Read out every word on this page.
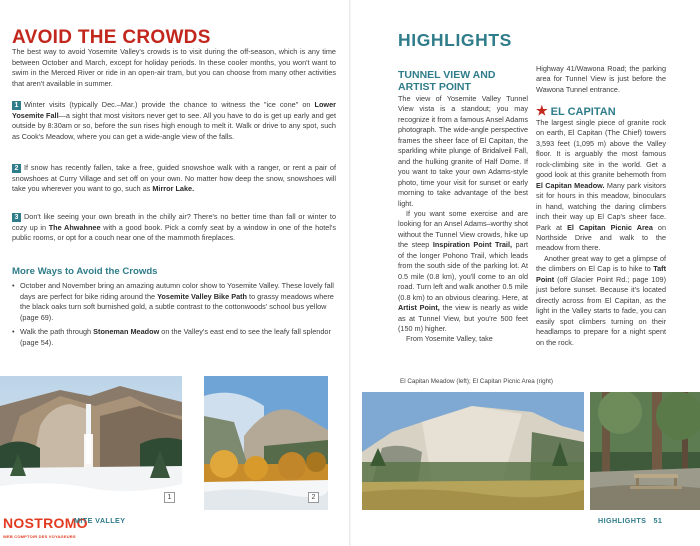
AVOID THE CROWDS

The best way to avoid Yosemite Valley's crowds is to visit during the off-season, which is any time between October and March, except for holiday periods. In these cooler months, you won't want to swim in the Merced River or ride in an open-air tram, but you can choose from many other activities that aren't available in summer.

1 Winter visits (typically Dec.–Mar.) provide the chance to witness the "ice cone" on Lower Yosemite Fall—a sight that most visitors never get to see. All you have to do is get up early and get outside by 8:30am or so, before the sun rises high enough to melt it. Walk or drive to any spot, such as Cook's Meadow, where you can get a wide-angle view of the falls.

2 If snow has recently fallen, take a free, guided snowshoe walk with a ranger, or rent a pair of snowshoes at Curry Village and set off on your own. No matter how deep the snow, snowshoes will take you wherever you want to go, such as Mirror Lake.

3 Don't like seeing your own breath in the chilly air? There's no better time than fall or winter to cozy up in The Ahwahnee with a good book. Pick a comfy seat by a window in one of the hotel's public rooms, or opt for a couch near one of the mammoth fireplaces.

More Ways to Avoid the Crowds
• October and November bring an amazing autumn color show to Yosemite Valley. These lovely fall days are perfect for bike riding around the Yosemite Valley Bike Path to grassy meadows where the black oaks turn soft burnished gold, a subtle contrast to the cottonwoods' school bus yellow (page 69).
• Walk the path through Stoneman Meadow on the Valley's east end to see the leafy fall splendor (page 54).
HIGHLIGHTS
TUNNEL VIEW AND ARTIST POINT

The view of Yosemite Valley Tunnel View vista is a standout; you may recognize it from a famous Ansel Adams photograph. The wide-angle perspective frames the sheer face of El Capitan, the sparkling white plunge of Bridalveil Fall, and the hulking granite of Half Dome. If you want to take your own Adams-style photo, time your visit for sunset or early morning to take advantage of the best light.

If you want some exercise and are looking for an Ansel Adams–worthy shot without the Tunnel View crowds, hike up the steep Inspiration Point Trail, part of the longer Pohono Trail, which leads from the south side of the parking lot. At 0.5 mile (0.8 km), you'll come to an old road. Turn left and walk another 0.5 mile (0.8 km) to an obvious clearing. Here, at Artist Point, the view is nearly as wide as at Tunnel View, but you're 500 feet (150 m) higher.

From Yosemite Valley, take

Highway 41/Wawona Road; the parking area for Tunnel View is just before the Wawona Tunnel entrance.
★ EL CAPITAN

The largest single piece of granite rock on earth, El Capitan (The Chief) towers 3,593 feet (1,095 m) above the Valley floor. It is arguably the most famous rock-climbing site in the world. Get a good look at this granite behemoth from El Capitan Meadow. Many park visitors sit for hours in this meadow, binoculars in hand, watching the daring climbers inch their way up El Cap's sheer face. Park at El Capitan Picnic Area on Northside Drive and walk to the meadow from there.

Another great way to get a glimpse of the climbers on El Cap is to hike to Taft Point (off Glacier Point Rd.; page 109) just before sunset. Because it's located directly across from El Capitan, as the light in the Valley starts to fade, you can easily spot climbers turning on their headlamps to prepare for a night spent on the rock.

El Capitan Meadow (left); El Capitan Picnic Area (right)
1	2
NOSTROMO
WEB COMPTOIR DES VOYAGEURS
MITE VALLEY	HIGHLIGHTS 51
